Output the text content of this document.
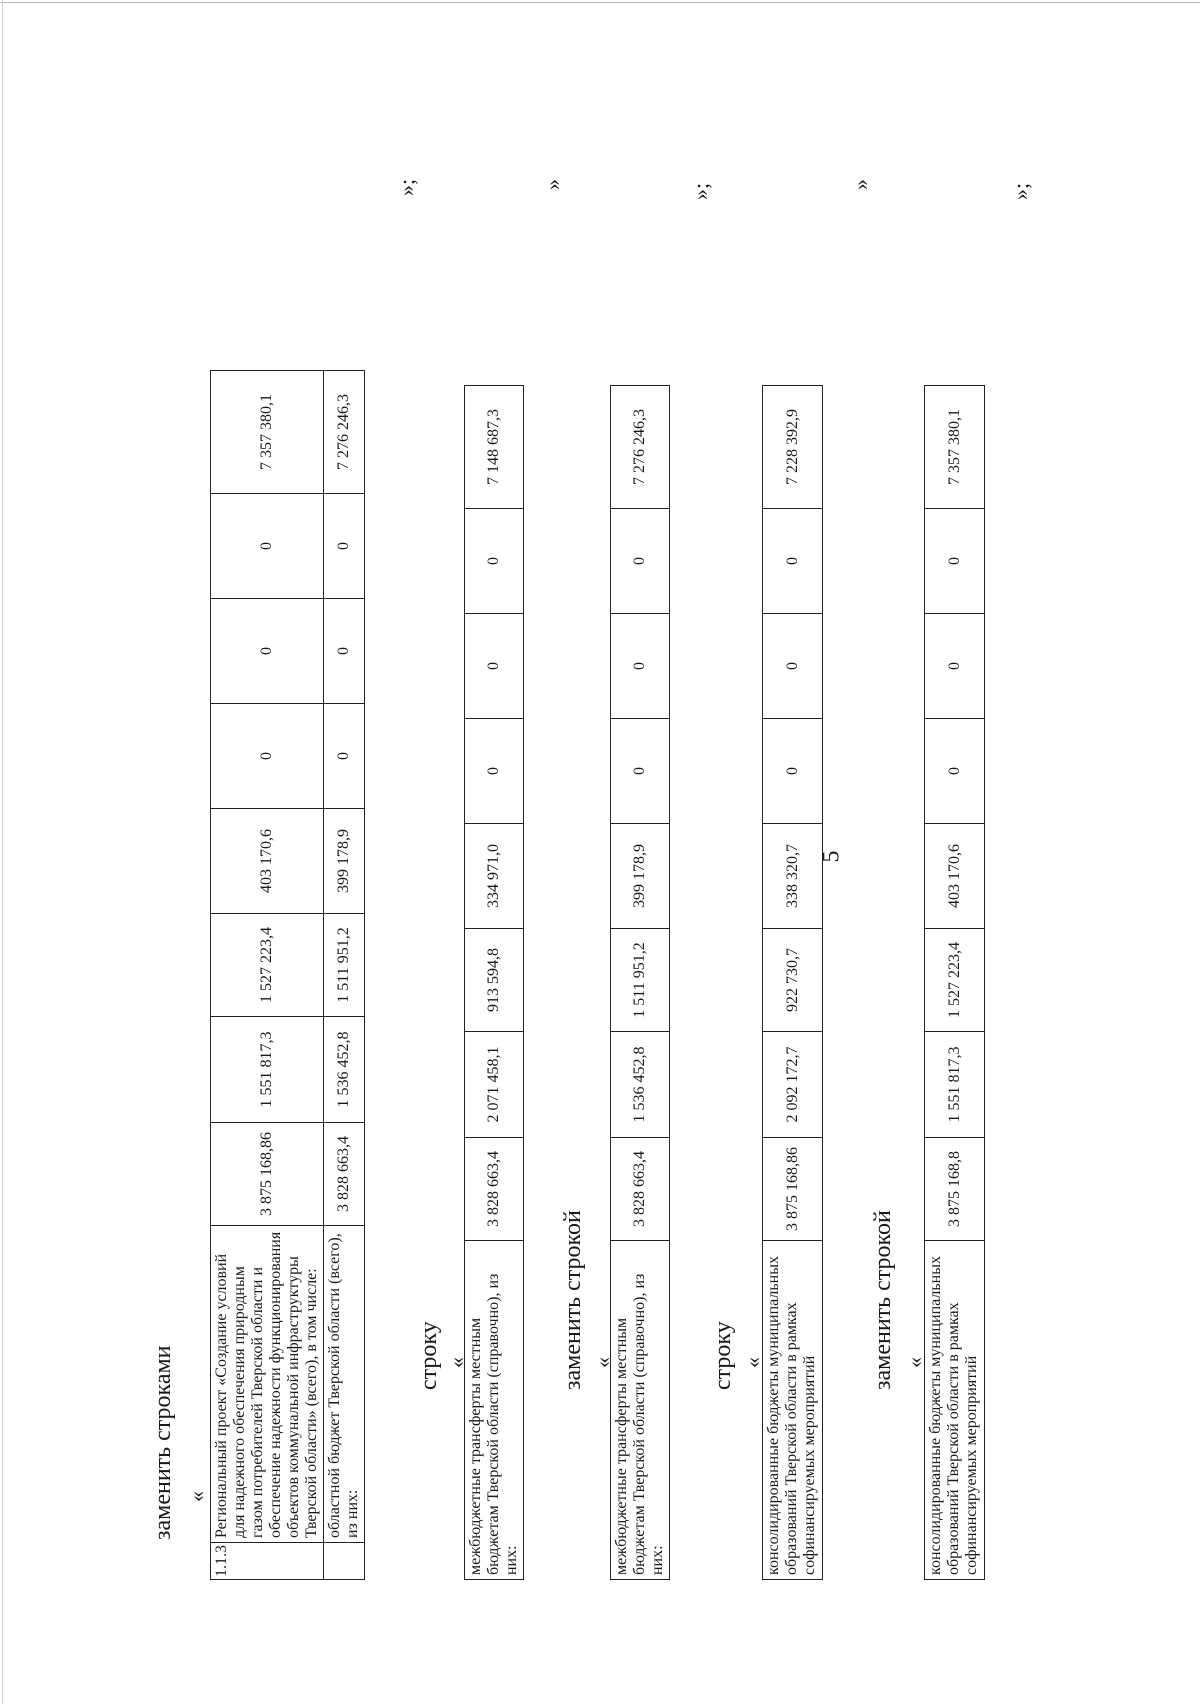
5
заменить строками «
1.1.3	Региональный проект «Создание условий для надежного обеспечения природным газом потребителей Тверской области и обеспечение надежности функционирования объектов коммунальной инфраструктуры Тверской области» (всего), в том числе:	3 875 168,86	1 551 817,3	1 527 223,4	403 170,6	0	0	0	7 357 380,1
	областной бюджет Тверской области (всего), из них:	3 828 663,4	1 536 452,8	1 511 951,2	399 178,9	0	0	0	7 276 246,3
»;
строку «
межбюджетные трансферты местным бюджетам Тверской области (справочно), из них:	3 828 663,4	2 071 458,1	913 594,8	334 971,0	0	0	0	7 148 687,3
»
заменить строкой «
межбюджетные трансферты местным бюджетам Тверской области (справочно), из них:	3 828 663,4	1 536 452,8	1 511 951,2	399 178,9	0	0	0	7 276 246,3
»;
строку « консолидированные бюджеты муниципальных образований Тверской области в рамках софинансируемых мероприятий	3 875 168,86	2 092 172,7	922 730,7	338 320,7	0	0	0	7 228 392,9
»
заменить строкой « консолидированные бюджеты муниципальных образований Тверской области в рамках софинансируемых мероприятий	3 875 168,8	1 551 817,3	1 527 223,4	403 170,6	0	0	0	7 357 380,1
»;
